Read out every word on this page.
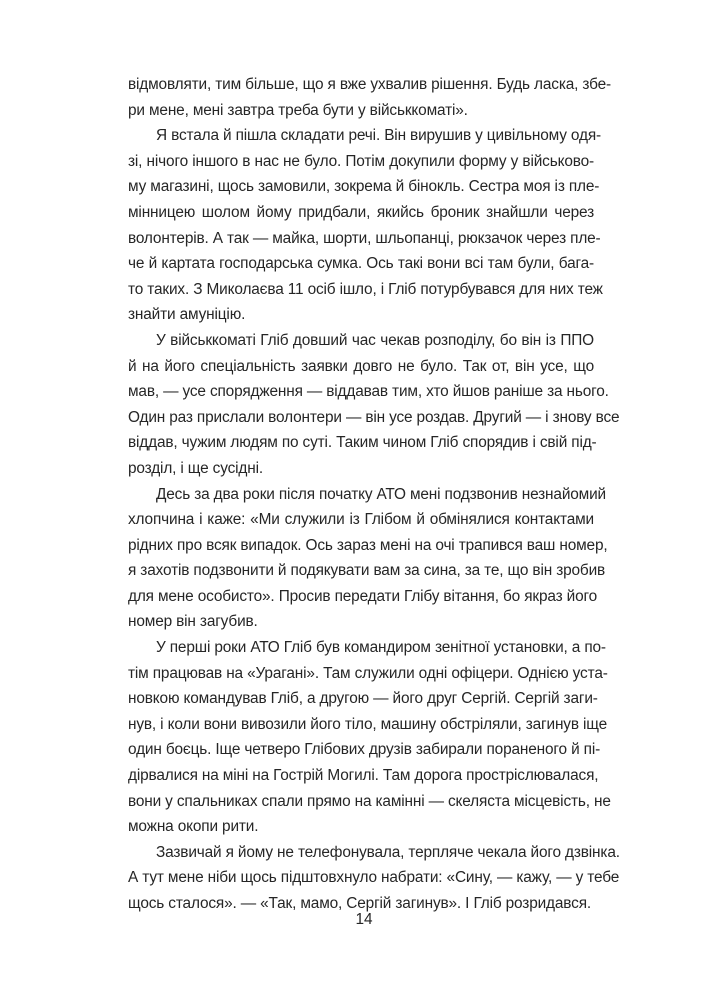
відмовляти, тим більше, що я вже ухвалив рішення. Будь ласка, збе-
ри мене, мені завтра треба бути у військкоматі».
Я встала й пішла складати речі. Він вирушив у цивільному одя-
зі, нічого іншого в нас не було. Потім докупили форму у військово-
му магазині, щось замовили, зокрема й бінокль. Сестра моя із пле-
мінницею шолом йому придбали, якийсь броник знайшли через
волонтерів. А так — майка, шорти, шльопанці, рюкзачок через пле-
че й картата господарська сумка. Ось такі вони всі там були, бага-
то таких. З Миколаєва 11 осіб ішло, і Гліб потурбувався для них теж
знайти амуніцію.
У військкоматі Гліб довший час чекав розподілу, бо він із ППО
й на його спеціальність заявки довго не було. Так от, він усе, що
мав, — усе спорядження — віддавав тим, хто йшов раніше за нього.
Один раз прислали волонтери — він усе роздав. Другий — і знову все
віддав, чужим людям по суті. Таким чином Гліб спорядив і свій під-
розділ, і ще сусідні.
Десь за два роки після початку АТО мені подзвонив незнайомий
хлопчина і каже: «Ми служили із Глібом й обмінялися контактами
рідних про всяк випадок. Ось зараз мені на очі трапився ваш номер,
я захотів подзвонити й подякувати вам за сина, за те, що він зробив
для мене особисто». Просив передати Глібу вітання, бо якраз його
номер він загубив.
У перші роки АТО Гліб був командиром зенітної установки, а по-
тім працював на «Урагані». Там служили одні офіцери. Однією уста-
новкою командував Гліб, а другою — його друг Сергій. Сергій заги-
нув, і коли вони вивозили його тіло, машину обстріляли, загинув іще
один боєць. Іще четверо Глібових друзів забирали пораненого й пі-
дірвалися на міні на Гострій Могилі. Там дорога простріслювалася,
вони у спальниках спали прямо на камінні — скеляста місцевість, не
можна окопи рити.
Зазвичай я йому не телефонувала, терпляче чекала його дзвінка.
А тут мене ніби щось підштовхнуло набрати: «Сину, — кажу, — у тебе
щось сталося». — «Так, мамо, Сергій загинув». І Гліб розридався.
14
